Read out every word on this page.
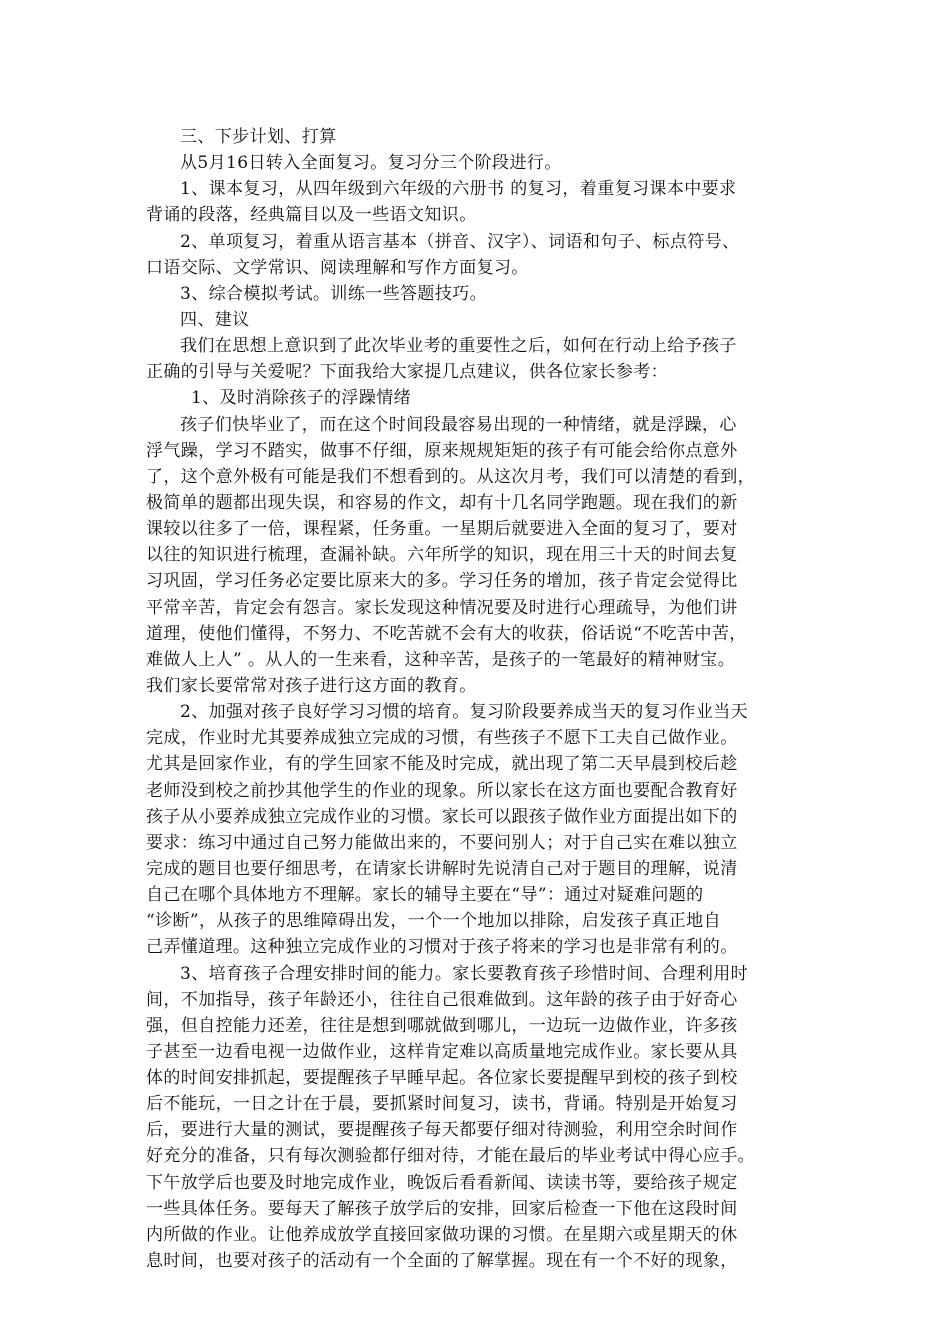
三、下步计划、打算
从5月16日转入全面复习。复习分三个阶段进行。
1、课本复习，从四年级到六年级的六册书 的复习，着重复习课本中要求
背诵的段落，经典篇目以及一些语文知识。
2、单项复习，着重从语言基本（拼音、汉字）、词语和句子、标点符号、
口语交际、文学常识、阅读理解和写作方面复习。
3、综合模拟考试。训练一些答题技巧。
四、建议
我们在思想上意识到了此次毕业考的重要性之后，如何在行动上给予孩子
正确的引导与关爱呢？下面我给大家提几点建议，供各位家长参考：
1、及时消除孩子的浮躁情绪
孩子们快毕业了，而在这个时间段最容易出现的一种情绪，就是浮躁，心
浮气躁，学习不踏实，做事不仔细，原来规规矩矩的孩子有可能会给你点意外
了，这个意外极有可能是我们不想看到的。从这次月考，我们可以清楚的看到，
极简单的题都出现失误，和容易的作文，却有十几名同学跑题。现在我们的新
课较以往多了一倍，课程紧，任务重。一星期后就要进入全面的复习了，要对
以往的知识进行梳理，查漏补缺。六年所学的知识，现在用三十天的时间去复
习巩固，学习任务必定要比原来大的多。学习任务的增加，孩子肯定会觉得比
平常辛苦，肯定会有怨言。家长发现这种情况要及时进行心理疏导，为他们讲
道理，使他们懂得，不努力、不吃苦就不会有大的收获，俗话说“不吃苦中苦，
难做人上人” 。从人的一生来看，这种辛苦，是孩子的一笔最好的精神财宝。
我们家长要常常对孩子进行这方面的教育。
2、加强对孩子良好学习习惯的培育。复习阶段要养成当天的复习作业当天
完成，作业时尤其要养成独立完成的习惯，有些孩子不愿下工夫自己做作业。
尤其是回家作业，有的学生回家不能及时完成，就出现了第二天早晨到校后趁
老师没到校之前抄其他学生的作业的现象。所以家长在这方面也要配合教育好
孩子从小要养成独立完成作业的习惯。家长可以跟孩子做作业方面提出如下的
要求：练习中通过自己努力能做出来的，不要问别人；对于自己实在难以独立
完成的题目也要仔细思考，在请家长讲解时先说清自己对于题目的理解，说清
自己在哪个具体地方不理解。家长的辅导主要在“导”：通过对疑难问题的
“诊断”，从孩子的思维障碍出发，一个一个地加以排除，启发孩子真正地自
己弄懂道理。这种独立完成作业的习惯对于孩子将来的学习也是非常有利的。
3、培育孩子合理安排时间的能力。家长要教育孩子珍惜时间、合理利用时
间，不加指导，孩子年龄还小，往往自己很难做到。这年龄的孩子由于好奇心
强，但自控能力还差，往往是想到哪就做到哪儿，一边玩一边做作业，许多孩
子甚至一边看电视一边做作业，这样肯定难以高质量地完成作业。家长要从具
体的时间安排抓起，要提醒孩子早睡早起。各位家长要提醒早到校的孩子到校
后不能玩，一日之计在于晨，要抓紧时间复习，读书，背诵。特别是开始复习
后，要进行大量的测试，要提醒孩子每天都要仔细对待测验，利用空余时间作
好充分的准备，只有每次测验都仔细对待，才能在最后的毕业考试中得心应手。
下午放学后也要及时地完成作业，晚饭后看看新闻、读读书等，要给孩子规定
一些具体任务。要每天了解孩子放学后的安排，回家后检查一下他在这段时间
内所做的作业。让他养成放学直接回家做功课的习惯。在星期六或星期天的休
息时间，也要对孩子的活动有一个全面的了解掌握。现在有一个不好的现象，
